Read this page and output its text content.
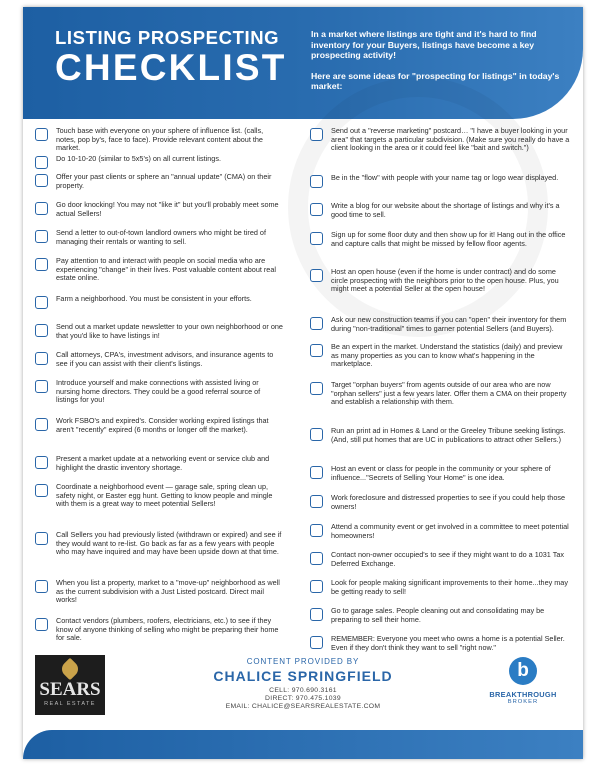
LISTING PROSPECTING
CHECKLIST

In a market where listings are tight and it's hard to find inventory for your Buyers, listings have become a key prospecting activity!

Here are some ideas for "prospecting for listings" in today's market:

Touch base with everyone on your sphere of influence list. (calls, notes, pop by's, face to face). Provide relevant content about the market.
Do 10-10-20 (similar to 5x5's) on all current listings.
Offer your past clients or sphere an "annual update" (CMA) on their property.
Go door knocking! You may not "like it" but you'll probably meet some actual Sellers!
Send a letter to out-of-town landlord owners who might be tired of managing their rentals or wanting to sell.
Pay attention to and interact with people on social media who are experiencing "change" in their lives. Post valuable content about real estate online.
Farm a neighborhood. You must be consistent in your efforts.
Send out a market update newsletter to your own neighborhood or one that you'd like to have listings in!
Call attorneys, CPA's, investment advisors, and insurance agents to see if you can assist with their client's listings.
Introduce yourself and make connections with assisted living or nursing home directors. They could be a good referral source of listings for you!
Work FSBO's and expired's. Consider working expired listings that aren't "recently" expired (6 months or longer off the market).
Present a market update at a networking event or service club and highlight the drastic inventory shortage.
Coordinate a neighborhood event — garage sale, spring clean up, safety night, or Easter egg hunt. Getting to know people and mingle with them is a great way to meet potential Sellers!
Call Sellers you had previously listed (withdrawn or expired) and see if they would want to re-list. Go back as far as a few years with people who may have inquired and may have been upside down at that time.
When you list a property, market to a "move-up" neighborhood as well as the current subdivision with a Just Listed postcard. Direct mail works!
Contact vendors (plumbers, roofers, electricians, etc.) to see if they know of anyone thinking of selling who might be preparing their home for sale.
Send out a "reverse marketing" postcard… "I have a buyer looking in your area" that targets a particular subdivision. (Make sure you really do have a client looking in the area or it could feel like "bait and switch.")
Be in the "flow" with people with your name tag or logo wear displayed.
Write a blog for our website about the shortage of listings and why it's a good time to sell.
Sign up for some floor duty and then show up for it! Hang out in the office and capture calls that might be missed by fellow floor agents.
Host an open house (even if the home is under contract) and do some circle prospecting with the neighbors prior to the open house. Plus, you might meet a potential Seller at the open house!
Ask our new construction teams if you can "open" their inventory for them during "non-traditional" times to garner potential Sellers (and Buyers).
Be an expert in the market. Understand the statistics (daily) and preview as many properties as you can to know what's happening in the marketplace.
Target "orphan buyers" from agents outside of our area who are now "orphan sellers" just a few years later. Offer them a CMA on their property and establish a relationship with them.
Run an print ad in Homes & Land or the Greeley Tribune seeking listings. (And, still put homes that are UC in publications to attract other Sellers.)
Host an event or class for people in the community or your sphere of influence..."Secrets of Selling Your Home" is one idea.
Work foreclosure and distressed properties to see if you could help those owners!
Attend a community event or get involved in a committee to meet potential homeowners!
Contact non-owner occupied's to see if they might want to do a 1031 Tax Deferred Exchange.
Look for people making significant improvements to their home...they may be getting ready to sell!
Go to garage sales. People cleaning out and consolidating may be preparing to sell their home.
REMEMBER: Everyone you meet who owns a home is a potential Seller. Even if they don't think they want to sell "right now."
SEARS
REAL ESTATE
CONTENT PROVIDED BY
CHALICE SPRINGFIELD
CELL: 970.690.3161
DIRECT: 970.475.1039
EMAIL: CHALICE@SEARSREALESTATE.COM
b
BREAKTHROUGH
BROKER
